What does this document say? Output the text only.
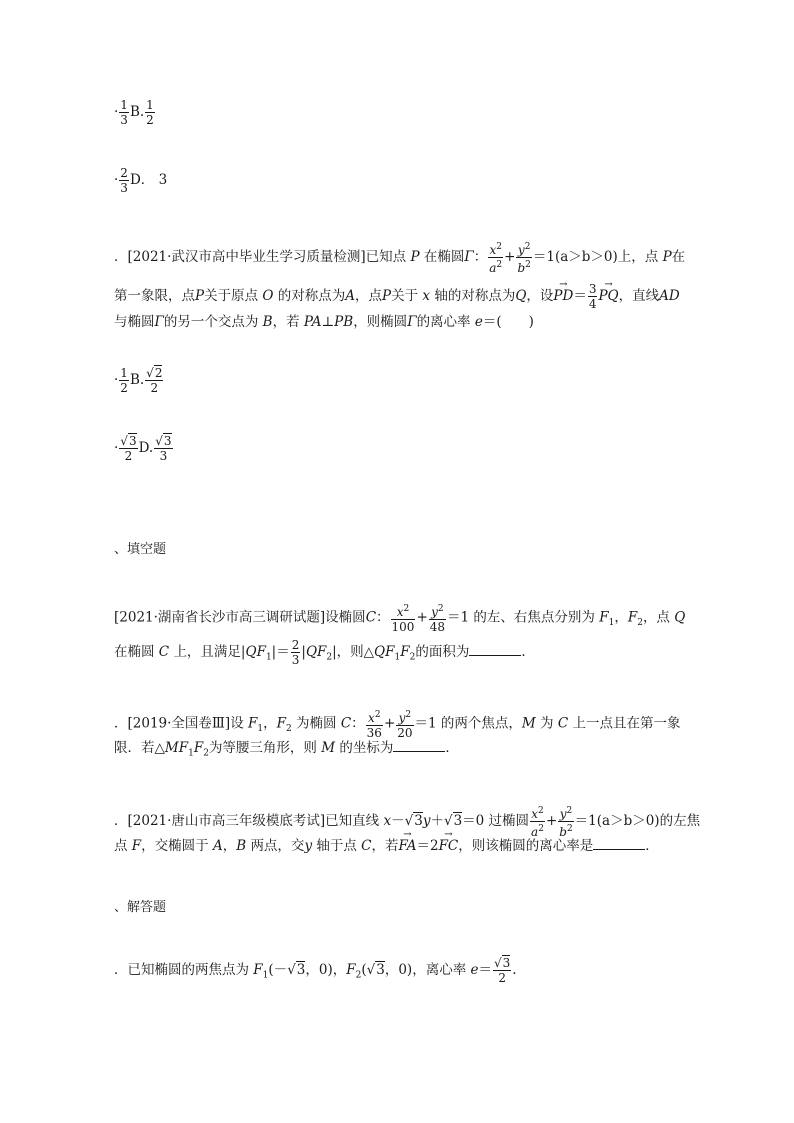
· $\frac{1}{3} B$. $\frac{1}{2}$
· $\frac{2}{3}$ D． 3
．[2021·武汉市高中毕业生学习质量检测]已知点 P 在椭圆Γ： $\frac{x^2}{a^2} + \frac{y^2}{b^2} =1(a>b>0)$上，点 P在
第一象限，点P关于原点 O 的对称点为A，点P关于 x 轴的对称点为Q，设→ $PD= \frac{3}{4}$
→ PQ，直线AD
与椭圆Γ的另一个交点为 B，若 PA⊥PB，则椭圆Γ的离心率 e＝(　　)
· $\frac{1}{2} B$. $\frac{√2}{2}$
· $\frac{√3}{2} D$. $\frac{√3}{3}$
、填空题
[2021·湖南省长沙市高三调研试题]设椭圆C： $\frac{x^2}{100} + \frac{y^2}{48} =1$ 的左、右焦点分别为 $F_1$，$F_2$，点 Q
在椭圆 C 上，且满足$|QF_1|= \frac{2}{3} |QF_2|$，则$\triangle QF_1F_2$的面积为	．
．[2019·全国卷Ⅲ]设 $F_1$，$F_2$ 为椭圆 C： $\frac{x^2}{36} + \frac{y^2}{20} =1$ 的两个焦点，M 为 C 上一点且在第一象
限．若$\triangle MF_1F_2$为等腰三角形，则 M 的坐标为	．
．[2021·唐山市高三年级模底考试]已知直线 x－√3y＋√3＝0 过椭圆 $\frac{x^2}{a^2} + \frac{y^2}{b^2} =1(a>b>0)$的左焦
点 F，交椭圆于 A，B 两点，交y 轴于点 C，若→ FA＝2→ FC，则该椭圆的离心率是	．
、解答题
．已知椭圆的两焦点为 $F_1(-√3$，0)，$F_2(√3$，0)，离心率 $e= \frac{√3}{2}$ .
